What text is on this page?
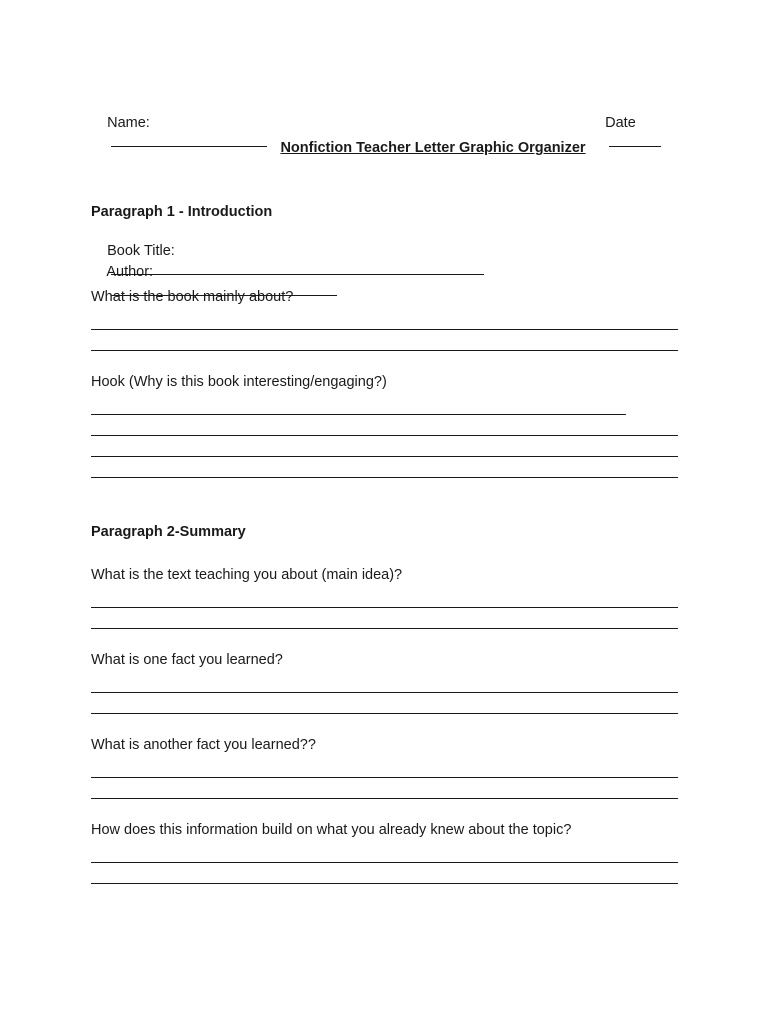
Name:

	Date

Nonfiction Teacher Letter Graphic Organizer
Paragraph 1 - Introduction

Book Title:

Author:

What is the book mainly about?
Hook (Why is this book interesting/engaging?)
Paragraph 2-Summary
What is the text teaching you about (main idea)?
What is one fact you learned?
What is another fact you learned??
How does this information build on what you already knew about the topic?
